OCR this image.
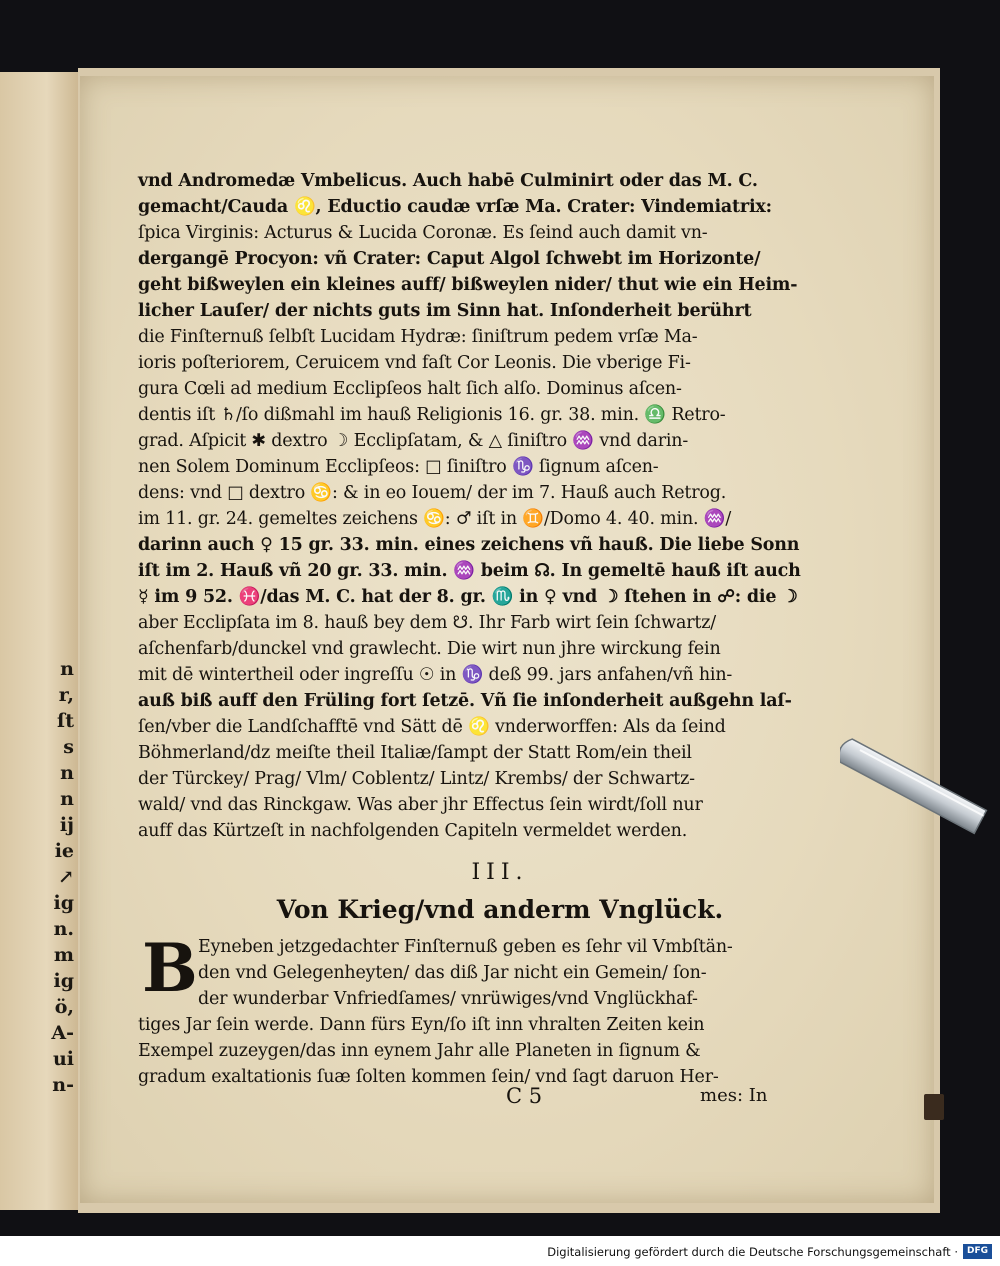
n
r,
ſt
s
n
n
ij
ie
↗
ig
n.
m
ig
ö,
A-
ui
n-
vnd Andromedæ Vmbelicus. Auch habē Culminirt oder das M. C.
gemacht/Cauda ♌, Eductio caudæ vrſæ Ma. Crater: Vindemiatrix:
ſpica Virginis: Acturus & Lucida Coronæ. Es ſeind auch damit vn-
dergangē Procyon: vñ Crater: Caput Algol ſchwebt im Horizonte/
geht bißweylen ein kleines auff/ bißweylen nider/ thut wie ein Heim-
licher Lauſer/ der nichts guts im Sinn hat. Inſonderheit berührt
die Finſternuß ſelbſt Lucidam Hydræ: ſiniſtrum pedem vrſæ Ma-
ioris poſteriorem, Ceruicem vnd faſt Cor Leonis. Die vberige Fi-
gura Cœli ad medium Ecclipſeos halt ſich alſo. Dominus aſcen-
dentis iſt ♄/ſo dißmahl im hauß Religionis 16. gr. 38. min. ♎ Retro-
grad. Aſpicit ✱ dextro ☽ Ecclipſatam, & △ ſiniſtro ♒ vnd darin-
nen Solem Dominum Ecclipſeos: □ ſiniſtro ♑ ſignum aſcen-
dens: vnd □ dextro ♋: & in eo Iouem/ der im 7. Hauß auch Retrog.
im 11. gr. 24. gemeltes zeichens ♋: ♂ iſt in ♊/Domo 4. 40. min. ♒/
darinn auch ♀ 15 gr. 33. min. eines zeichens vñ hauß. Die liebe Sonn
iſt im 2. Hauß vñ 20 gr. 33. min. ♒ beim ☊. In gemeltē hauß iſt auch
☿ im 9 52. ♓/das M. C. hat der 8. gr. ♏ in ♀ vnd ☽ ſtehen in ☍: die ☽
aber Ecclipſata im 8. hauß bey dem ☋. Ihr Farb wirt ſein ſchwartz/
aſchenfarb/dunckel vnd grawlecht. Die wirt nun jhre wirckung fein
mit dē wintertheil oder ingreſſu ☉ in ♑ deß 99. jars anfahen/vñ hin-
auß biß auff den Früling fort ſetzē. Vñ ſie inſonderheit außgehn laſ-
ſen/vber die Landſchafftē vnd Sätt dē ♌ vnderworffen: Als da ſeind
Böhmerland/dz meiſte theil Italiæ/ſampt der Statt Rom/ein theil
der Türckey/ Prag/ Vlm/ Coblentz/ Lintz/ Krembs/ der Schwartz-
wald/ vnd das Rinckgaw. Was aber jhr Effectus ſein wirdt/ſoll nur
auff das Kürtzeſt in nachfolgenden Capiteln vermeldet werden.
III.
Von Krieg/vnd anderm Vnglück.
B Eyneben jetzgedachter Finſternuß geben es ſehr vil Vmbſtän-
den vnd Gelegenheyten/ das diß Jar nicht ein Gemein/ ſon-
der wunderbar Vnfriedſames/ vnrüwiges/vnd Vnglückhaf-
tiges Jar ſein werde. Dann fürs Eyn/ſo iſt inn vhralten Zeiten kein
Exempel zuzeygen/das inn eynem Jahr alle Planeten in ſignum &
gradum exaltationis ſuæ ſolten kommen ſein/ vnd ſagt daruon Her-
C 5	mes: In
Digitalisierung gefördert durch die Deutsche Forschungsgemeinschaft · DFG
